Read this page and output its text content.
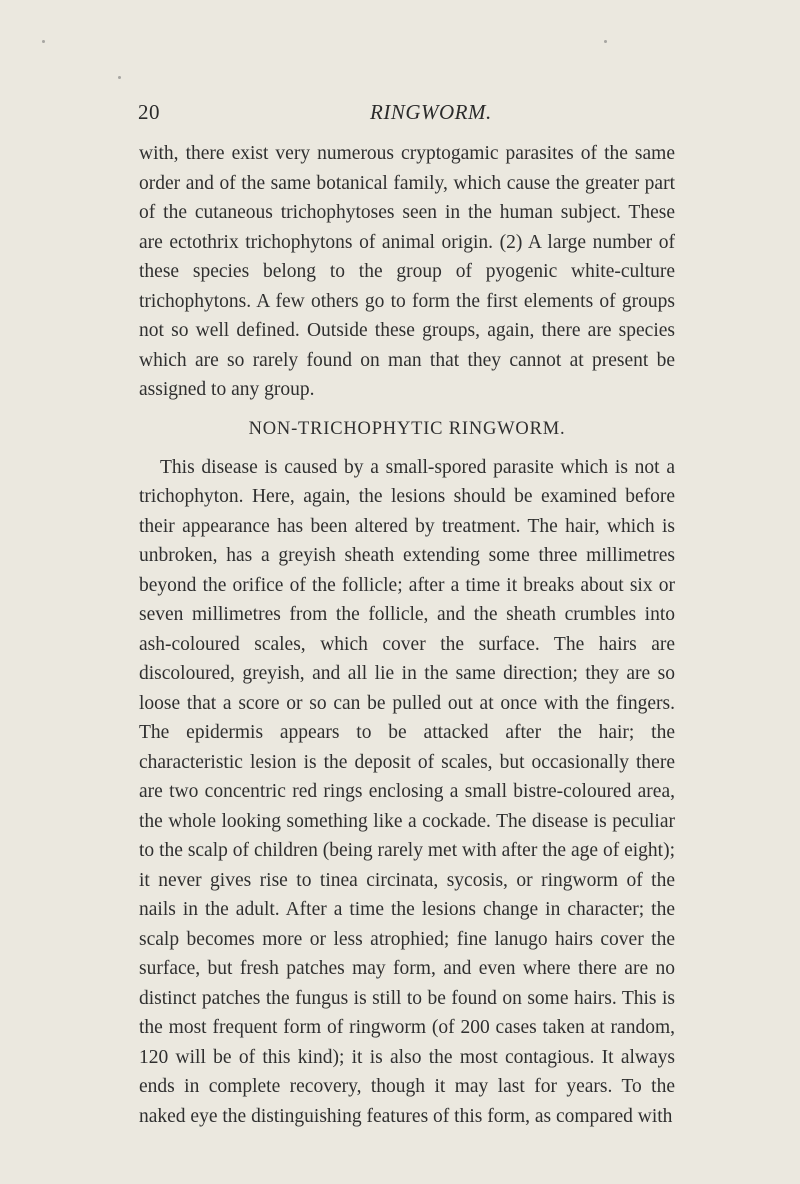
20	RINGWORM.

with, there exist very numerous cryptogamic parasites of the same order and of the same botanical family, which cause the greater part of the cutaneous trichophytoses seen in the human subject. These are ectothrix trichophytons of animal origin. (2) A large number of these species belong to the group of pyogenic white-culture trichophytons. A few others go to form the first elements of groups not so well defined. Outside these groups, again, there are species which are so rarely found on man that they cannot at present be assigned to any group.

NON-TRICHOPHYTIC RINGWORM.

This disease is caused by a small-spored parasite which is not a trichophyton. Here, again, the lesions should be examined before their appearance has been altered by treatment. The hair, which is unbroken, has a greyish sheath extending some three millimetres beyond the orifice of the follicle; after a time it breaks about six or seven millimetres from the follicle, and the sheath crumbles into ash-coloured scales, which cover the surface. The hairs are discoloured, greyish, and all lie in the same direction; they are so loose that a score or so can be pulled out at once with the fingers. The epidermis appears to be attacked after the hair; the characteristic lesion is the deposit of scales, but occasionally there are two concentric red rings enclosing a small bistre-coloured area, the whole looking something like a cockade. The disease is peculiar to the scalp of children (being rarely met with after the age of eight); it never gives rise to tinea circinata, sycosis, or ringworm of the nails in the adult. After a time the lesions change in character; the scalp becomes more or less atrophied; fine lanugo hairs cover the surface, but fresh patches may form, and even where there are no distinct patches the fungus is still to be found on some hairs. This is the most frequent form of ringworm (of 200 cases taken at random, 120 will be of this kind); it is also the most contagious. It always ends in complete recovery, though it may last for years. To the naked eye the distinguishing features of this form, as compared with
